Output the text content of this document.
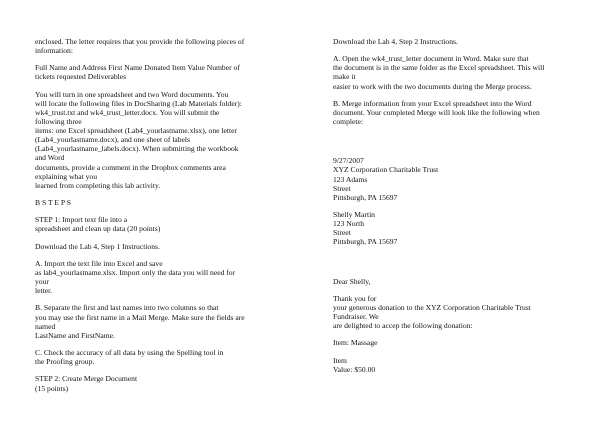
enclosed. The letter requires that you provide the following pieces of
information:
Full Name and Address First Name Donated Item Value Number of
tickets requested Deliverables
You will turn in one spreadsheet and two Word documents. You
will locate the following files in DocSharing (Lab Materials folder):
wk4_trust.txt and wk4_trust_letter.docx. You will submit the
following three
items: one Excel spreadsheet (Lab4_yourlastname.xlsx), one letter
(Lab4_yourlastname.docx), and one sheet of labels
(Lab4_yourlastname_labels.docx). When submitting the workbook
and Word
documents, provide a comment in the Dropbox comments area
explaining what you
learned from completing this lab activity.
B S T E P S
STEP 1: Import text file into a
spreadsheet and clean up data (20 points)
Download the Lab 4, Step 1 Instructions.
A. Import the text file into Excel and save
as lab4_yourlastname.xlsx. Import only the data you will need for
your
letter.
B. Separate the first and last names into two columns so that
you may use the first name in a Mail Merge. Make sure the fields are
named
LastName and FirstName.
C. Check the accuracy of all data by using the Spelling tool in
the Proofing group.
STEP 2: Create Merge Document
(15 points)
Download the Lab 4, Step 2 Instructions.
A. Open the wk4_trust_letter document in Word. Make sure that
the document is in the same folder as the Excel spreadsheet. This will
make it
easier to work with the two documents during the Merge process.
B. Merge information from your Excel spreadsheet into the Word
document. Your completed Merge will look like the following when
complete:
9/27/2007
XYZ Corporation Charitable Trust
123 Adams
Street
Pittsburgh, PA 15697
Shelly Martin
123 North
Street
Pittsburgh, PA 15697
Dear Shelly,
Thank you for
your generous donation to the XYZ Corporation Charitable Trust
Fundraiser. We
are delighted to accep the following donation:
Item: Massage
Item
Value: $50.00
